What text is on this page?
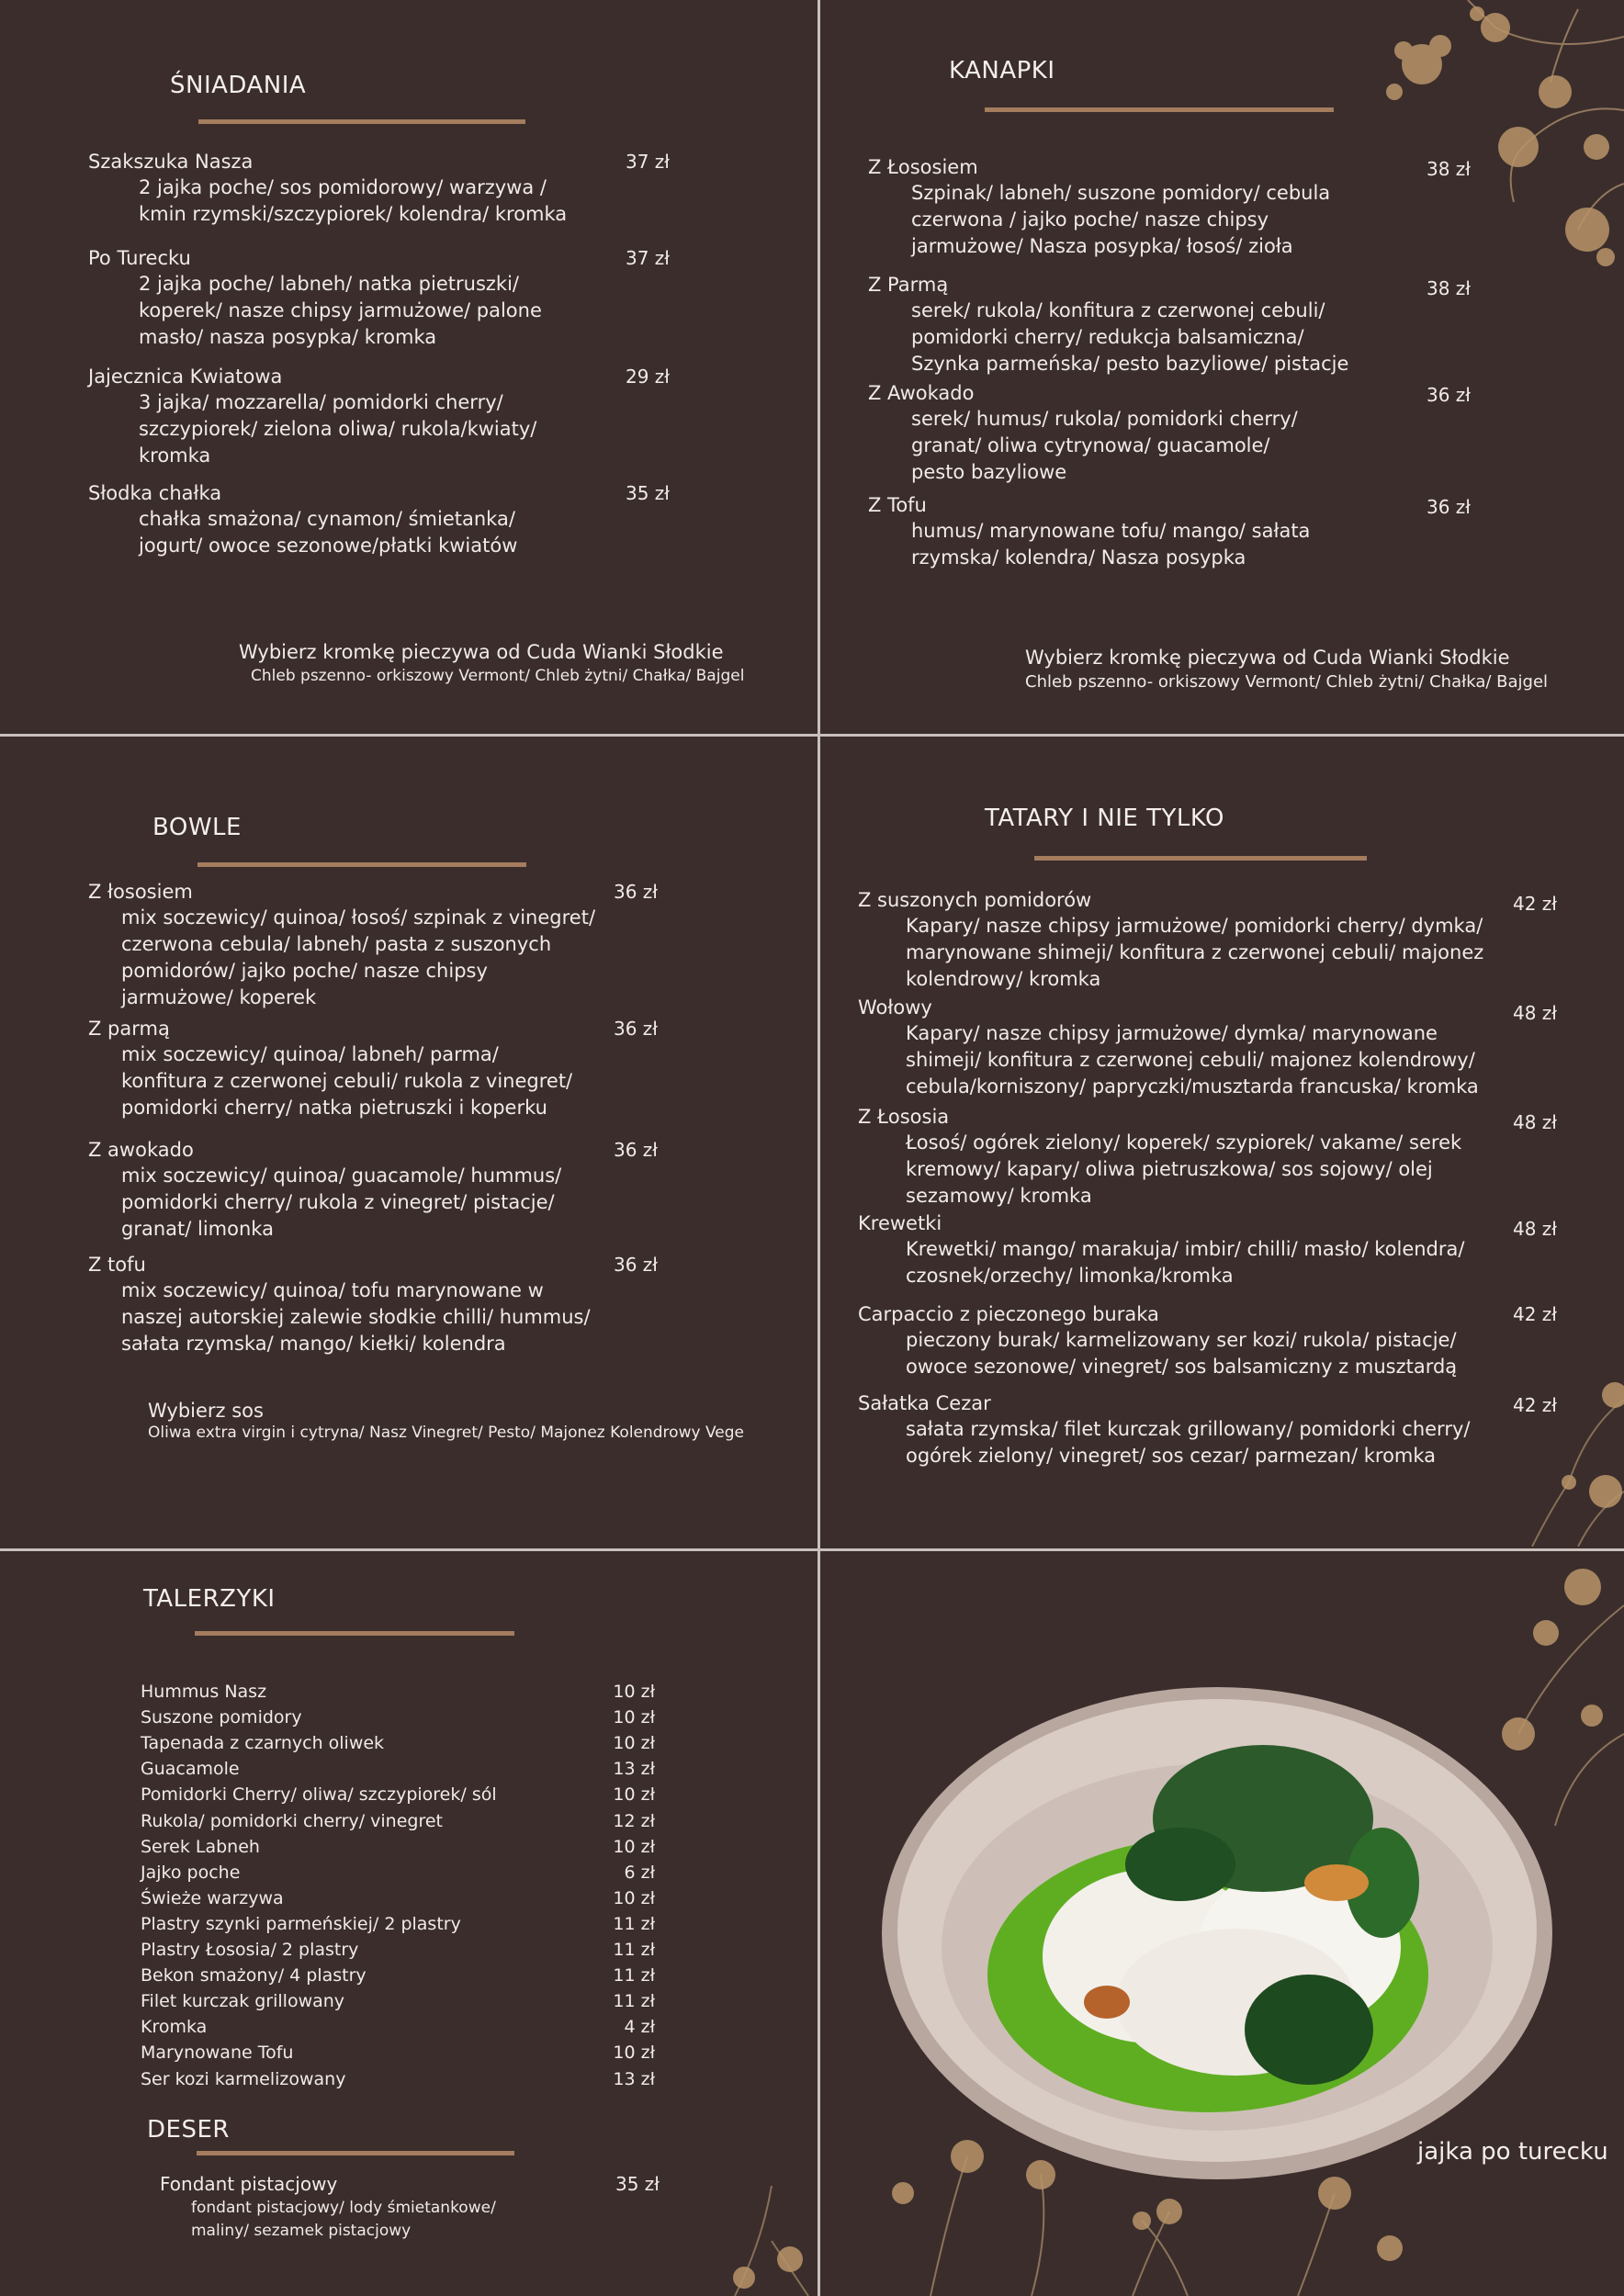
ŚNIADANIA
Szakszuka Nasza
2 jajka poche/ sos pomidorowy/ warzywa /
kmin rzymski/szczypiorek/ kolendra/ kromka
37 zł
Po Turecku
2 jajka poche/ labneh/ natka pietruszki/
koperek/ nasze chipsy jarmużowe/ palone
masło/ nasza posypka/ kromka
37 zł
Jajecznica Kwiatowa
3 jajka/ mozzarella/ pomidorki cherry/
szczypiorek/ zielona oliwa/ rukola/kwiaty/
kromka
29 zł
Słodka chałka
chałka smażona/ cynamon/ śmietanka/
jogurt/ owoce sezonowe/płatki kwiatów
35 zł
Wybierz kromkę pieczywa od Cuda Wianki Słodkie
Chleb pszenno- orkiszowy Vermont/ Chleb żytni/ Chałka/ Bajgel
KANAPKI
Z Łososiem
Szpinak/ labneh/ suszone pomidory/ cebula
czerwona / jajko poche/ nasze chipsy
jarmużowe/ Nasza posypka/ łosoś/ zioła
38 zł
Z Parmą
serek/ rukola/ konfitura z czerwonej cebuli/
pomidorki cherry/ redukcja balsamiczna/
Szynka parmeńska/ pesto bazyliowe/ pistacje
38 zł
Z Awokado
serek/ humus/ rukola/ pomidorki cherry/
granat/ oliwa cytrynowa/ guacamole/
pesto bazyliowe
36 zł
Z Tofu
humus/ marynowane tofu/ mango/ sałata
rzymska/ kolendra/ Nasza posypka
36 zł
Wybierz kromkę pieczywa od Cuda Wianki Słodkie
Chleb pszenno- orkiszowy Vermont/ Chleb żytni/ Chałka/ Bajgel
BOWLE
Z łososiem
mix soczewicy/ quinoa/ łosoś/ szpinak z vinegret/
czerwona cebula/ labneh/ pasta z suszonych
pomidorów/ jajko poche/ nasze chipsy
jarmużowe/ koperek
36 zł
Z parmą
mix soczewicy/ quinoa/ labneh/ parma/
konfitura z czerwonej cebuli/ rukola z vinegret/
pomidorki cherry/ natka pietruszki i koperku
36 zł
Z awokado
mix soczewicy/ quinoa/ guacamole/ hummus/
pomidorki cherry/ rukola z vinegret/ pistacje/
granat/ limonka
36 zł
Z tofu
mix soczewicy/ quinoa/ tofu marynowane w
naszej autorskiej zalewie słodkie chilli/ hummus/
sałata rzymska/ mango/ kiełki/ kolendra
36 zł
Wybierz sos
Oliwa extra virgin i cytryna/ Nasz Vinegret/ Pesto/ Majonez Kolendrowy Vege
TATARY I NIE TYLKO
Z suszonych pomidorów
Kapary/ nasze chipsy jarmużowe/ pomidorki cherry/ dymka/
marynowane shimeji/ konfitura z czerwonej cebuli/ majonez
kolendrowy/ kromka
42 zł
Wołowy
Kapary/ nasze chipsy jarmużowe/ dymka/ marynowane
shimeji/ konfitura z czerwonej cebuli/ majonez kolendrowy/
cebula/korniszony/ papryczki/musztarda francuska/ kromka
48 zł
Z Łososia
Łosoś/ ogórek zielony/ koperek/ szypiorek/ vakame/ serek
kremowy/ kapary/ oliwa pietruszkowa/ sos sojowy/ olej
sezamowy/ kromka
48 zł
Krewetki
Krewetki/ mango/ marakuja/ imbir/ chilli/ masło/ kolendra/
czosnek/orzechy/ limonka/kromka
48 zł
Carpaccio z pieczonego buraka
pieczony burak/ karmelizowany ser kozi/ rukola/ pistacje/
owoce sezonowe/ vinegret/ sos balsamiczny z musztardą
42 zł
Sałatka Cezar
sałata rzymska/ filet kurczak grillowany/ pomidorki cherry/
ogórek zielony/ vinegret/ sos cezar/ parmezan/ kromka
42 zł
TALERZYKI
Hummus Nasz	10 zł
Suszone pomidory	10 zł
Tapenada z czarnych oliwek	10 zł
Guacamole	13 zł
Pomidorki Cherry/ oliwa/ szczypiorek/ sól	10 zł
Rukola/ pomidorki cherry/ vinegret	12 zł
Serek Labneh	10 zł
Jajko poche	6 zł
Świeże warzywa	10 zł
Plastry szynki parmeńskiej/ 2 plastry	11 zł
Plastry Łososia/ 2 plastry	11 zł
Bekon smażony/ 4 plastry	11 zł
Filet kurczak grillowany	11 zł
Kromka	4 zł
Marynowane Tofu	10 zł
Ser kozi karmelizowany	13 zł
DESER
Fondant pistacjowy
fondant pistacjowy/ lody śmietankowe/
maliny/ sezamek pistacjowy
35 zł
jajka po turecku
